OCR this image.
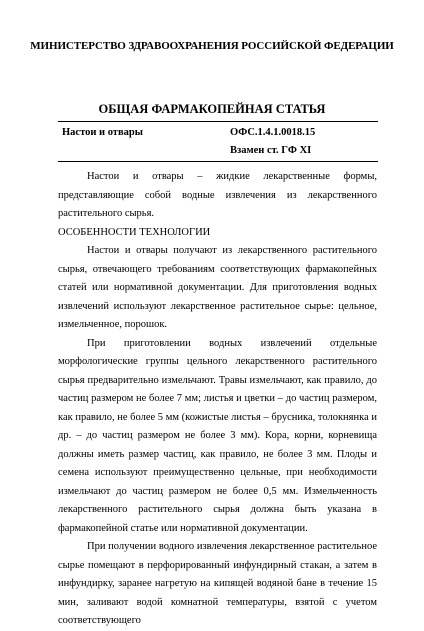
МИНИСТЕРСТВО ЗДРАВООХРАНЕНИЯ РОССИЙСКОЙ ФЕДЕРАЦИИ
ОБЩАЯ ФАРМАКОПЕЙНАЯ СТАТЬЯ
Настои и отвары	ОФС.1.4.1.0018.15
Взамен ст. ГФ XI

Настои и отвары – жидкие лекарственные формы, представляющие собой водные извлечения из лекарственного растительного сырья.

ОСОБЕННОСТИ ТЕХНОЛОГИИ

Настои и отвары получают из лекарственного растительного сырья, отвечающего требованиям соответствующих фармакопейных статей или нормативной документации. Для приготовления водных извлечений используют лекарственное растительное сырье: цельное, измельченное, порошок.

При приготовлении водных извлечений отдельные морфологические группы цельного лекарственного растительного сырья предварительно измельчают. Травы измельчают, как правило, до частиц размером не более 7 мм; листья и цветки – до частиц размером, как правило, не более 5 мм (кожистые листья – брусника, толокнянка и др. – до частиц размером не более 3 мм). Кора, корни, корневища должны иметь размер частиц, как правило, не более 3 мм. Плоды и семена используют преимущественно цельные, при необходимости измельчают до частиц размером не более 0,5 мм. Измельченность лекарственного растительного сырья должна быть указана в фармакопейной статье или нормативной документации.

При получении водного извлечения лекарственное растительное сырье помещают в перфорированный инфундирный стакан, а затем в инфундирку, заранее нагретую на кипящей водяной бане в течение 15 мин, заливают водой комнатной температуры, взятой с учетом соответствующего
